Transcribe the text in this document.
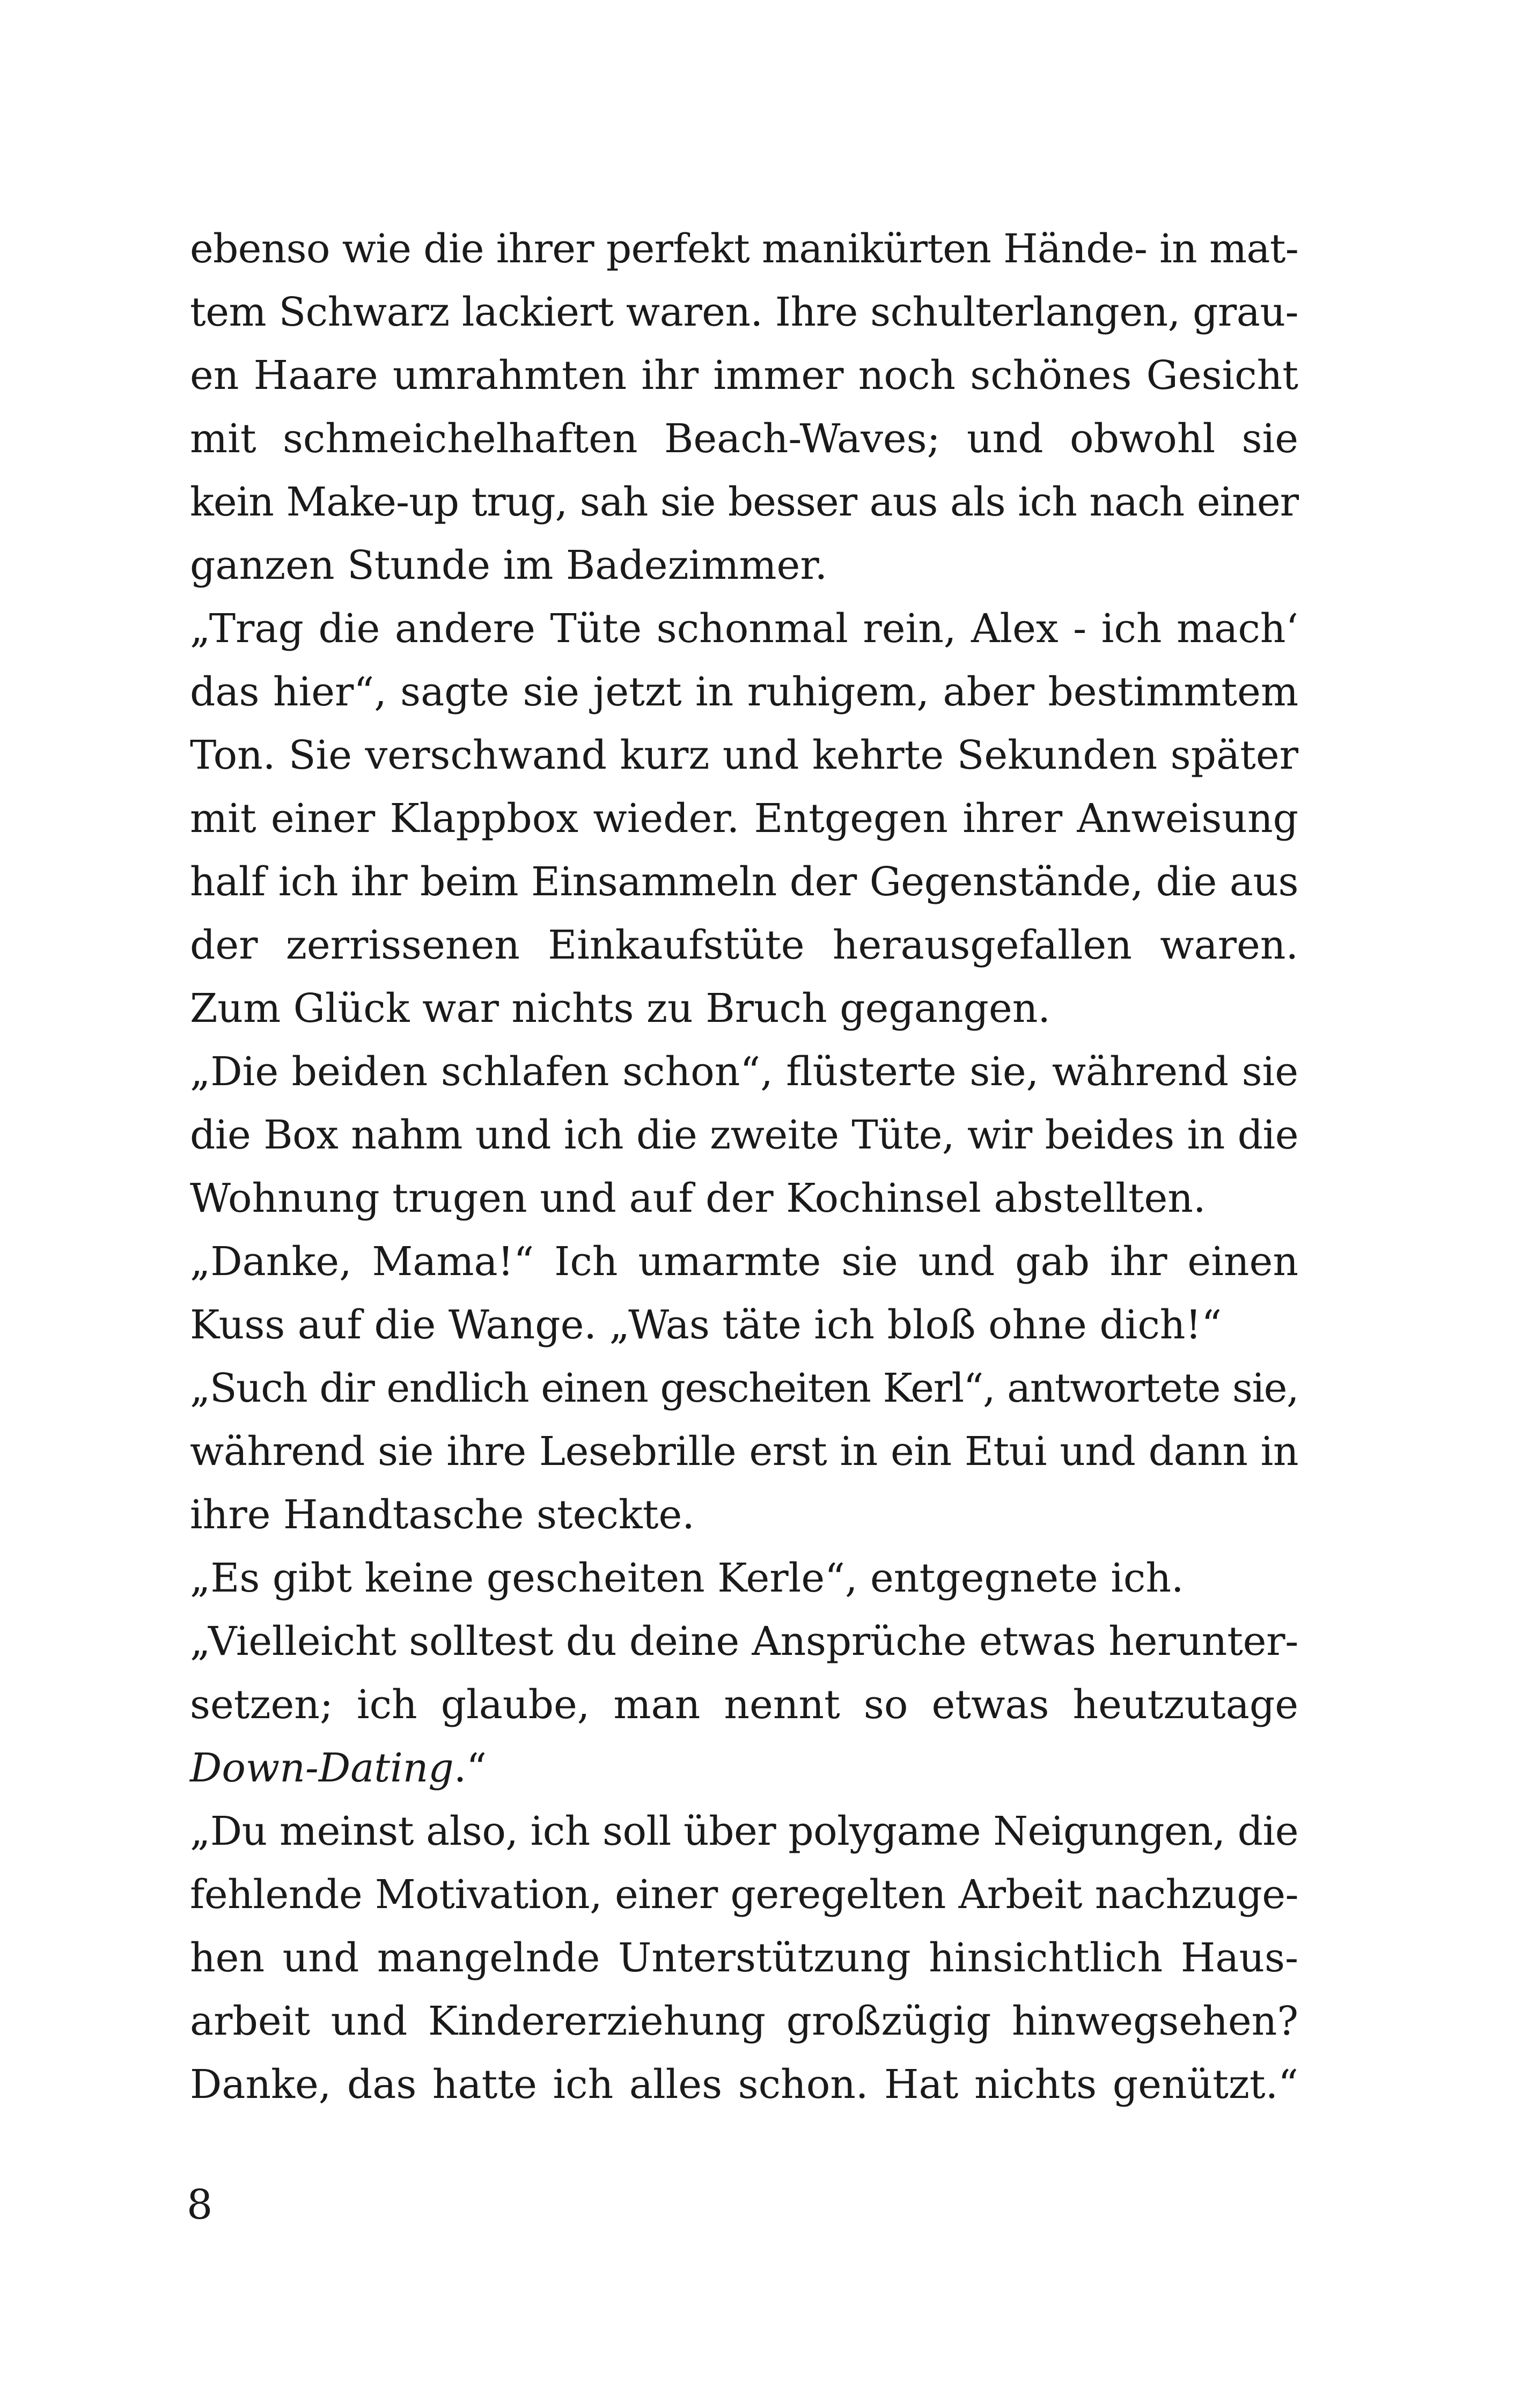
ebenso wie die ihrer perfekt manikürten Hände- in mat-
tem Schwarz lackiert waren. Ihre schulterlangen, grau-
en Haare umrahmten ihr immer noch schönes Gesicht
mit schmeichelhaften Beach-Waves; und obwohl sie
kein Make-up trug, sah sie besser aus als ich nach einer
ganzen Stunde im Badezimmer.
„Trag die andere Tüte schonmal rein, Alex - ich mach‘
das hier“, sagte sie jetzt in ruhigem, aber bestimmtem
Ton. Sie verschwand kurz und kehrte Sekunden später
mit einer Klappbox wieder. Entgegen ihrer Anweisung
half ich ihr beim Einsammeln der Gegenstände, die aus
der zerrissenen Einkaufstüte herausgefallen waren.
Zum Glück war nichts zu Bruch gegangen.
„Die beiden schlafen schon“, flüsterte sie, während sie
die Box nahm und ich die zweite Tüte, wir beides in die
Wohnung trugen und auf der Kochinsel abstellten.
„Danke, Mama!“ Ich umarmte sie und gab ihr einen
Kuss auf die Wange. „Was täte ich bloß ohne dich!“
„Such dir endlich einen gescheiten Kerl“, antwortete sie,
während sie ihre Lesebrille erst in ein Etui und dann in
ihre Handtasche steckte.
„Es gibt keine gescheiten Kerle“, entgegnete ich.
„Vielleicht solltest du deine Ansprüche etwas herunter-
setzen; ich glaube, man nennt so etwas heutzutage
Down-Dating.“
„Du meinst also, ich soll über polygame Neigungen, die
fehlende Motivation, einer geregelten Arbeit nachzuge-
hen und mangelnde Unterstützung hinsichtlich Haus-
arbeit und Kindererziehung großzügig hinwegsehen?
Danke, das hatte ich alles schon. Hat nichts genützt.“
8
